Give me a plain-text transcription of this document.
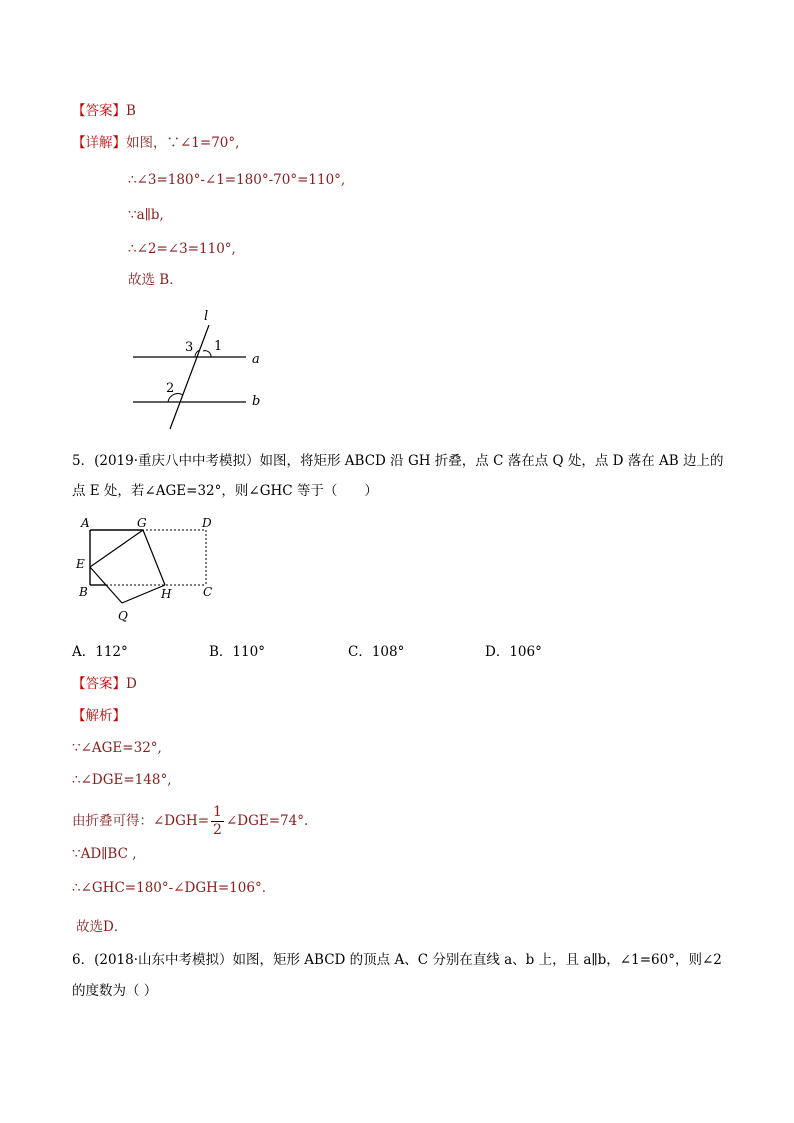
【答案】B
【详解】如图，∵∠1=70°,
∴∠3=180°-∠1=180°-70°=110°,
∵a∥b,
∴∠2=∠3=110°,
故选 B．
l
1
3
2
a
b
5．(2019·重庆八中中考模拟）如图，将矩形 ABCD 沿 GH 折叠，点 C 落在点 Q 处，点 D 落在 AB 边上的
点 E 处，若∠AGE=32°，则∠GHC 等于（　　）
A	G	D
E
B	H	C
Q
A．112°	B．110°	C．108°	D．106°
【答案】D
【解析】
∵∠AGE=32°,
∴∠DGE=148°,
由折叠可得：∠DGH= $\frac{1}{2}$ ∠DGE=74°.
∵AD∥BC ,
∴∠GHC=180°-∠DGH=106°.
故选D．
6．(2018·山东中考模拟）如图，矩形 ABCD 的顶点 A、C 分别在直线 a、b 上，且 a∥b，∠1=60°，则∠2
的度数为（ ）
